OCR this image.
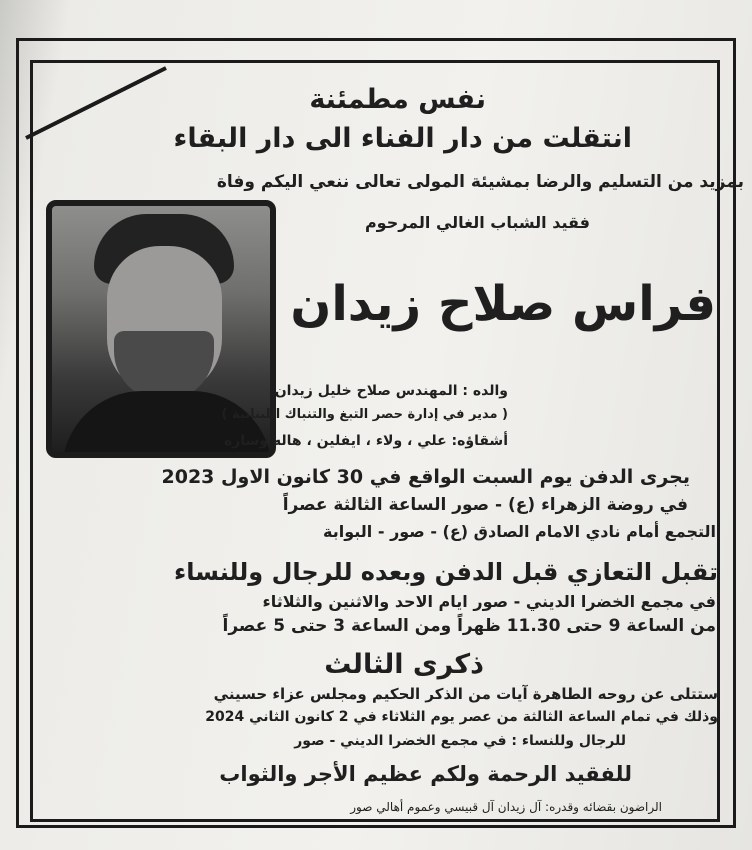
نفس مطمئنة
انتقلت من دار الفناء الى دار البقاء
بمزيد من التسليم والرضا بمشيئة المولى تعالى ننعي اليكم وفاة
فقيد الشباب الغالي المرحوم
فراس صلاح زيدان
والده : المهندس صلاح خليل زيدان
( مدير في إدارة حصر التبغ والتنباك اللبنانية )
أشقاؤه: علي ، ولاء ، ايفلين ، هاله وساره
يجرى الدفن يوم السبت الواقع في 30 كانون الاول 2023
في روضة الزهراء (ع) - صور الساعة الثالثة عصراً
التجمع أمام نادي الامام الصادق (ع) - صور - البوابة
تقبل التعازي قبل الدفن وبعده للرجال وللنساء
في مجمع الخضرا الديني - صور ايام الاحد والاثنين والثلاثاء
من الساعة 9 حتى 11.30 ظهراً ومن الساعة 3 حتى 5 عصراً
ذكرى الثالث
ستتلى عن روحه الطاهرة آيات من الذكر الحكيم ومجلس عزاء حسيني
وذلك في تمام الساعة الثالثة من عصر يوم الثلاثاء في 2 كانون الثاني 2024
للرجال وللنساء : في مجمع الخضرا الديني - صور
للفقيد الرحمة ولكم عظيم الأجر والثواب
الراضون بقضائه وقدره: آل زيدان آل قبيسي وعموم أهالي صور
